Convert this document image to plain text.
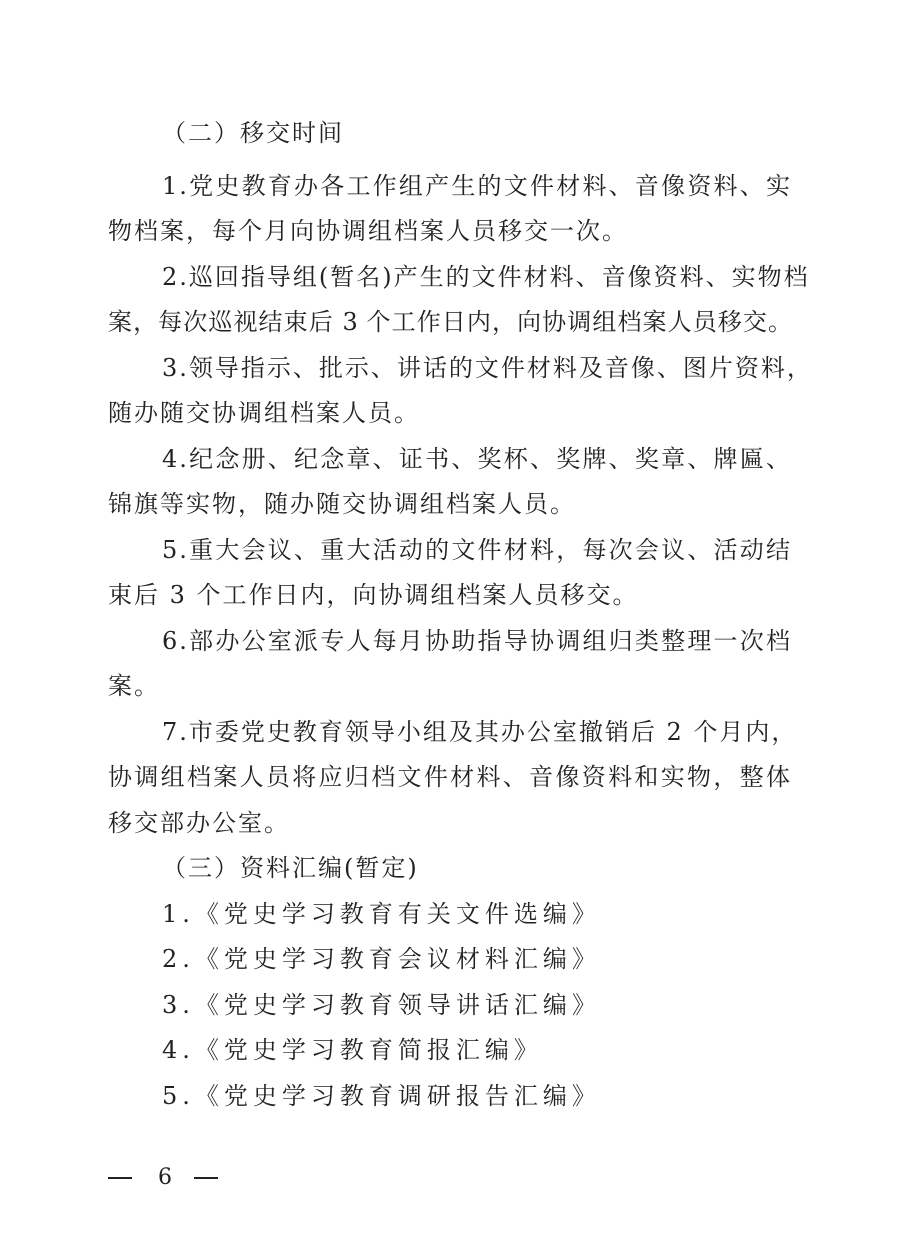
（二）移交时间
1.党史教育办各工作组产生的文件材料、音像资料、实
物档案，每个月向协调组档案人员移交一次。
2.巡回指导组(暂名)产生的文件材料、音像资料、实物档
案，每次巡视结束后 3 个工作日内，向协调组档案人员移交。
3.领导指示、批示、讲话的文件材料及音像、图片资料，
随办随交协调组档案人员。
4.纪念册、纪念章、证书、奖杯、奖牌、奖章、牌匾、
锦旗等实物，随办随交协调组档案人员。
5.重大会议、重大活动的文件材料，每次会议、活动结
束后 3 个工作日内，向协调组档案人员移交。
6.部办公室派专人每月协助指导协调组归类整理一次档
案。
7.市委党史教育领导小组及其办公室撤销后 2 个月内，
协调组档案人员将应归档文件材料、音像资料和实物，整体
移交部办公室。
（三）资料汇编(暂定)
1.《党史学习教育有关文件选编》
2.《党史学习教育会议材料汇编》
3.《党史学习教育领导讲话汇编》
4.《党史学习教育简报汇编》
5.《党史学习教育调研报告汇编》
6
